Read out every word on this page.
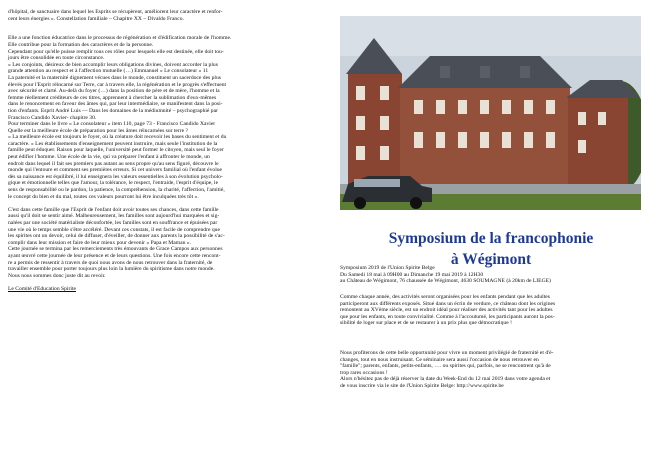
d'hôpital, de sanctuaire dans lequel les Esprits se récupèrent, améliorent leur caractère et renfor-

cent leurs énergies ». Constellation familiale – Chapitre XX – Divaldo Franco.

Elle a une fonction éducatrice dans le processus de régénération et d'édification morale de l'homme.

Elle contribue pour la formation des caractères et de la personne.

Cependant pour qu'elle puisse remplir tous ces rôles pour lesquels elle est destinée, elle doit tou-

jours être consolidée en toute circonstance.

« Les conjoints, désireux de bien accomplir leurs obligations divines, doivent accorder la plus

grande attention au respect et à l'affection mutuelle (…) Emmanuel « Le consolateur » 11

La paternité et la maternité dignement vécues dans le monde, constituent un sacerdoce des plus

élevés pour l'Esprit réincarné sur Terre, car à travers elle, la régénération et le progrès s'effectuent

avec sécurité et clarté. Au-delà du foyer (…) dans la position de père et de mère, l'homme et la

femme réellement créditeurs de ces titres, apprennent à chercher la sublimation d'eux-mêmes

dans le renoncement en faveur des âmes qui, par leur intermédiaire, se manifestent dans la posi-

tion d'enfants. Esprit André Luis — Dans les domaines de la médiumnité – psychographié par

Francisco Candido Xavier- chapitre 30.

Pour terminer dans le livre « Le consolateur » item 110, page 73 - Francisco Candido Xavier

Quelle est la meilleure école de préparation pour les âmes réincarnées sur terre ?

« La meilleure école est toujours le foyer, où la créature doit recevoir les bases du sentiment et du

caractère. » Les établissements d'enseignement peuvent instruire, mais seule l'institution de la

famille peut éduquer. Raison pour laquelle, l'université peut former le citoyen, mais seul le foyer

peut édifier l'homme. Une école de la vie, qui va préparer l'enfant à affronter le monde, un

endroit dans lequel il fait ses premiers pas autant au sens propre qu'au sens figuré, découvre le

monde qui l'entoure et comment ses premières erreurs. Si cet univers familial où l'enfant évolue

dès sa naissance est équilibré, il lui enseignera les valeurs essentielles à son évolution psycholo-

gique et émotionnelle telles que l'amour, la tolérance, le respect, l'entraide, l'esprit d'équipe, le

sens de responsabilité ou le pardon, la patience, la compréhension, la charité, l'affection, l'amitié,

le concept du bien et du mal, toutes ces valeurs pourront lui être inculquées très tôt ».

C'est dans cette famille que l'Esprit de l'enfant doit avoir toutes ses chances, dans cette famille

aussi qu'il doit se sentir aimé. Malheureusement, les familles sont aujourd'hui marquées et sig-

nalées par une société matérialiste déconfortée, les familles sont en souffrance et épuisées par

une vie où le temps semble s'être accéléré. Devant ces constats, il est facile de comprendre que

les spirites ont un devoir, celui de diffuser, d'éveiller, de donner aux parents la possibilité de s'ac-

complir dans leur mission et faire de leur mieux pour devenir « Papa et Maman ».

Cette journée se termina par les remerciements très émouvants de Grace Campos aux personnes

ayant œuvré cette journée de leur présence et de leurs questions. Une fois encore cette rencont-

re a permis de ressentir à travers de quoi nous avons de nous retrouver dans la fraternité, de

travailler ensemble pour porter toujours plus loin la lumière du spiritisme dans notre monde.

Nous nous sommes donc juste dit au revoir.

Le Comité d'Education Spirite

Symposium de la francophonie
à Wégimont

Symposium 2019 de l'Union Spirite Belge

Du Samedi 18 mai à 09H00 au Dimanche 19 mai 2019 à 12H30

au Château de Wégimont, 76 chaussée de Wégimont, 4630 SOUMAGNE (à 20km de LIEGE)

Comme chaque année, des activités seront organisées pour les enfants pendant que les adultes

participeront aux différents exposés. Situé dans un écrin de verdure, ce château dont les origines

remontent au XVème siècle, est un endroit idéal pour réaliser des activités tant pour les adultes

que pour les enfants, en toute convivialité. Comme à l'accoutumé, les participants auront la pos-

sibilité de loger sur place et de se restaurer à un prix plus que démocratique !

Nous profiterons de cette belle opportunité pour vivre un moment privilégié de fraternité et d'é-

changes, tout en nous instruisant. Ce séminaire sera aussi l'occasion de nous retrouver en

"famille"; parents, enfants, petits-enfants, …. ou spirites qui, parfois, ne se rencontrent qu'à de

trop rares occasions !

Alors n'hésitez pas de déjà réserver la date du Week-End du 12 mai 2019 dans votre agenda et

de vous inscrire via le site de l'Union Spirite Belge: http://www.spirite.be
